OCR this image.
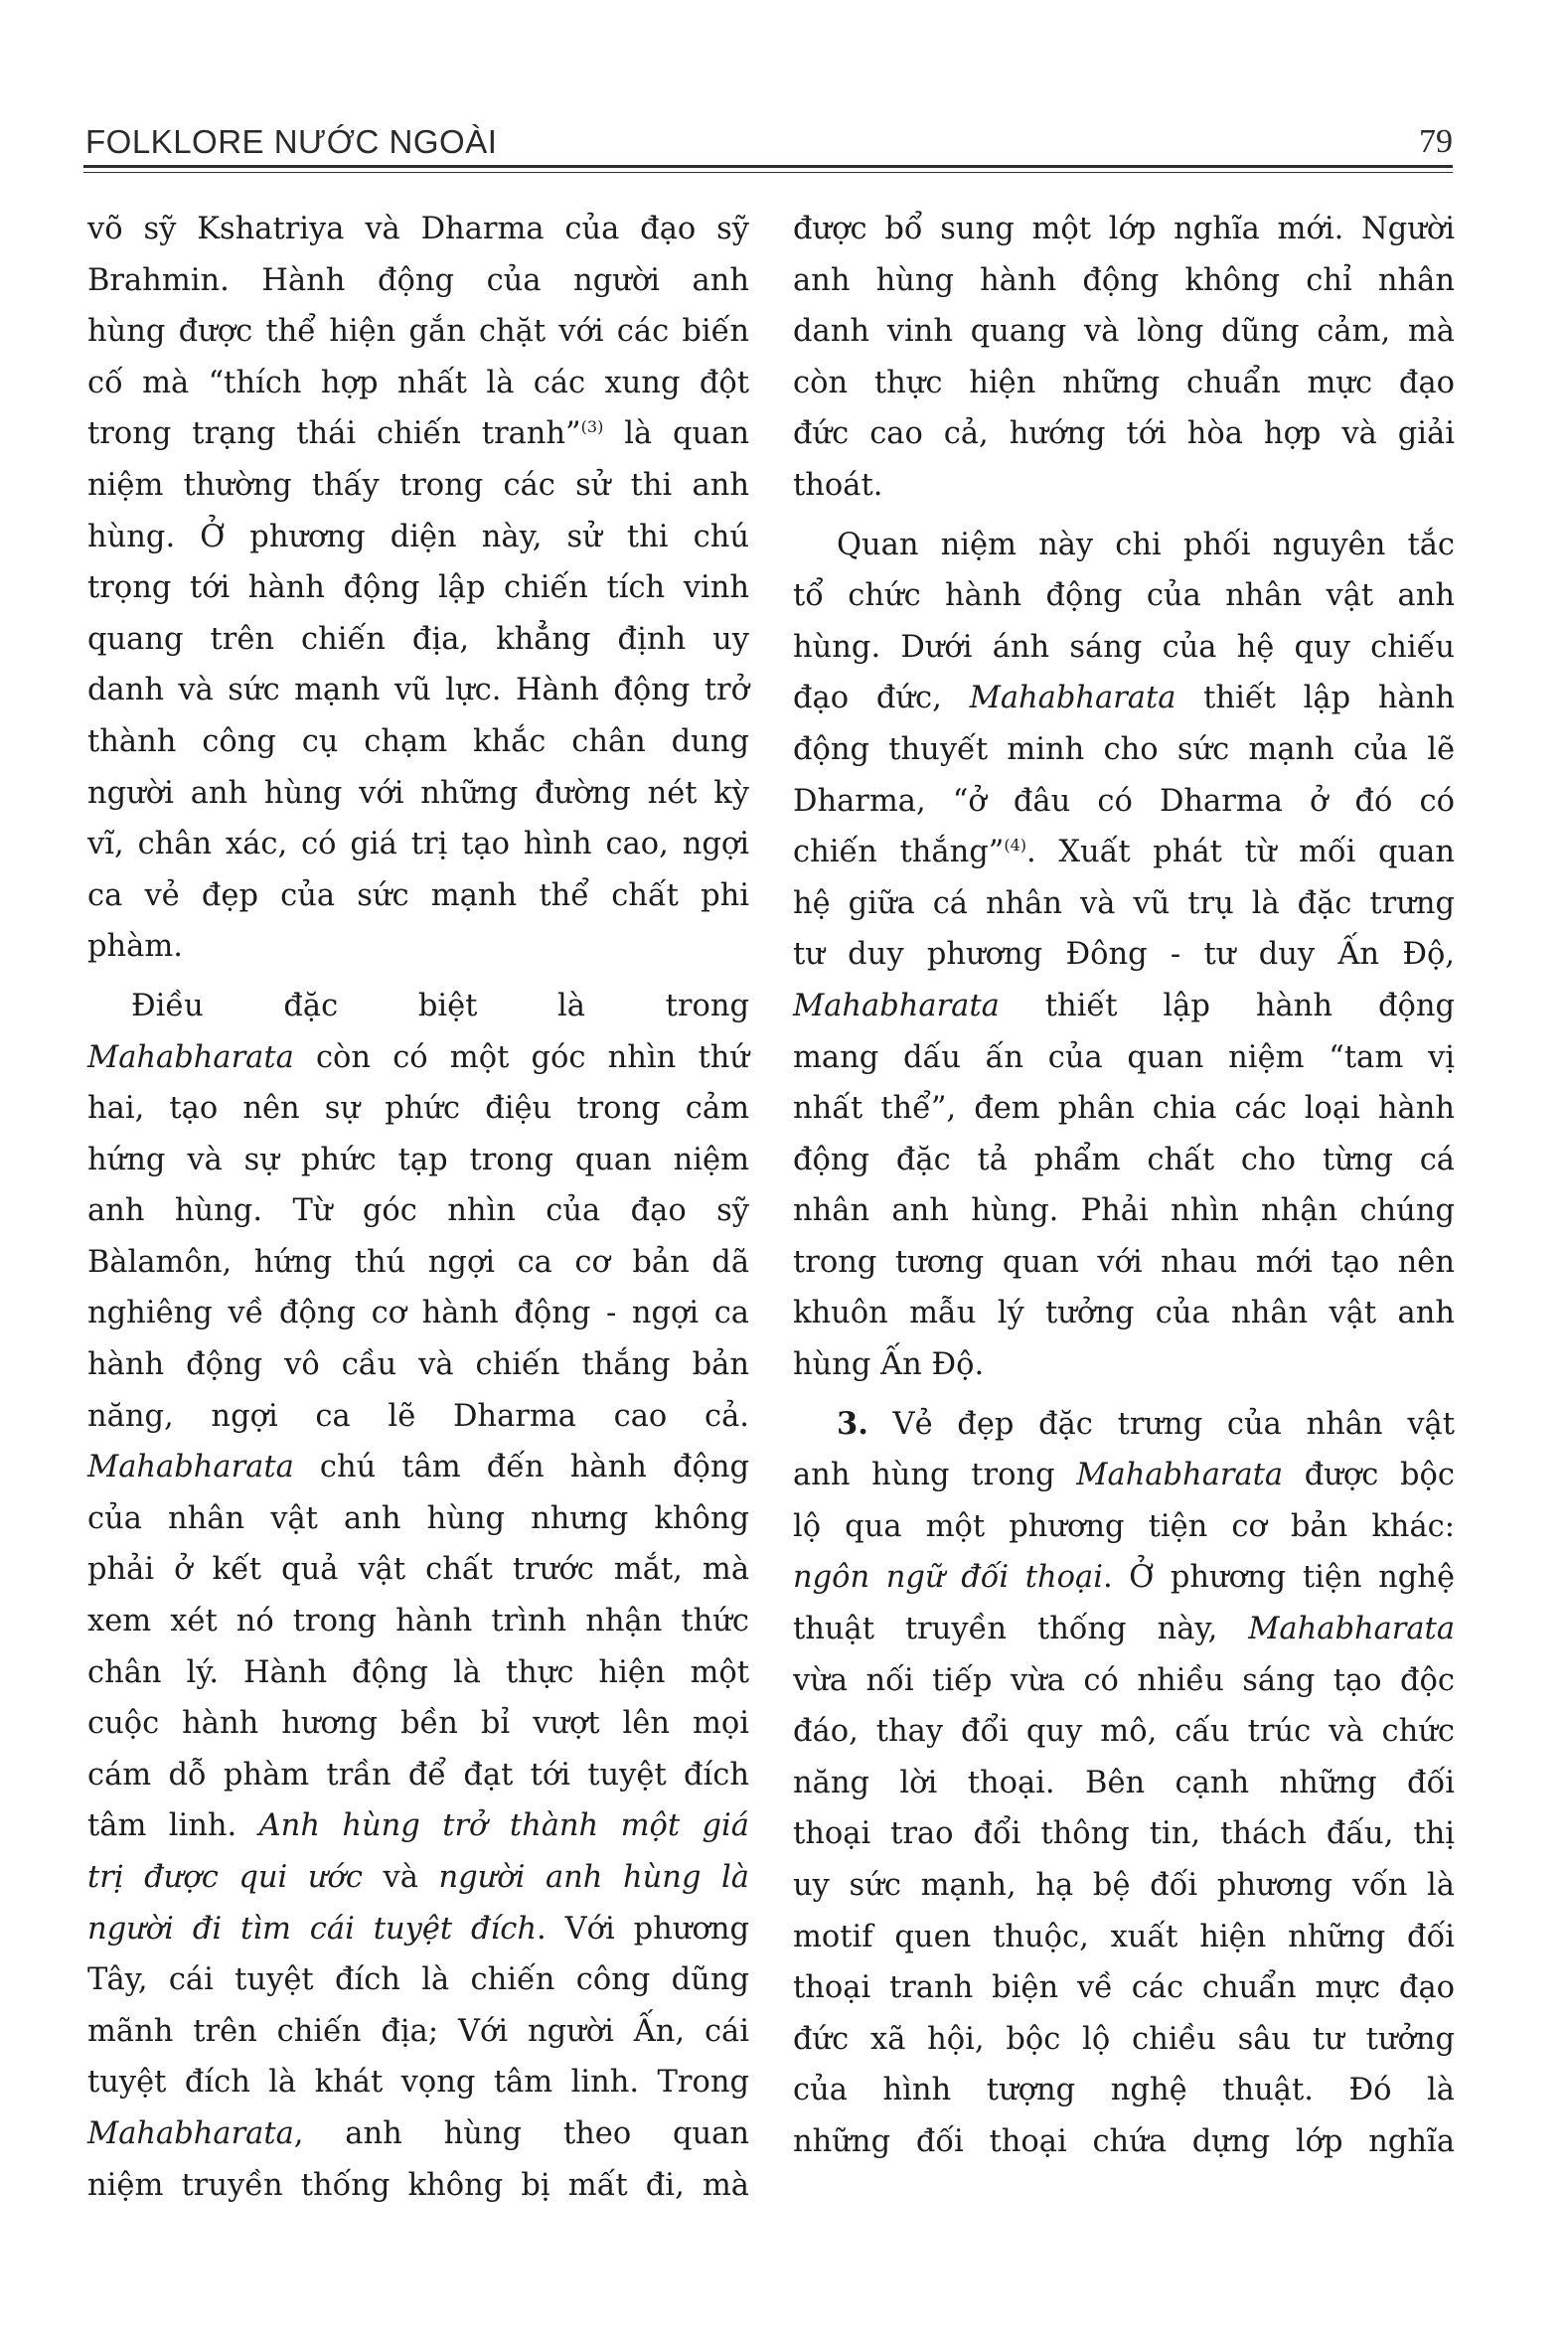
FOLKLORE NƯỚC NGOÀI	79
võ sỹ Kshatriya và Dharma của đạo sỹ
Brahmin. Hành động của người anh
hùng được thể hiện gắn chặt với các biến
cố mà “thích hợp nhất là các xung đột
trong trạng thái chiến tranh”$^{(3)}$ là quan
niệm thường thấy trong các sử thi anh
hùng. Ở phương diện này, sử thi chú
trọng tới hành động lập chiến tích vinh
quang trên chiến địa, khẳng định uy
danh và sức mạnh vũ lực. Hành động trở
thành công cụ chạm khắc chân dung
người anh hùng với những đường nét kỳ
vĩ, chân xác, có giá trị tạo hình cao, ngợi
ca vẻ đẹp của sức mạnh thể chất phi
phàm.
Điều đặc biệt là trong
Mahabharata còn có một góc nhìn thứ
hai, tạo nên sự phức điệu trong cảm
hứng và sự phức tạp trong quan niệm
anh hùng. Từ góc nhìn của đạo sỹ
Bàlamôn, hứng thú ngợi ca cơ bản dã
nghiêng về động cơ hành động - ngợi ca
hành động vô cầu và chiến thắng bản
năng, ngợi ca lẽ Dharma cao cả.
Mahabharata chú tâm đến hành động
của nhân vật anh hùng nhưng không
phải ở kết quả vật chất trước mắt, mà
xem xét nó trong hành trình nhận thức
chân lý. Hành động là thực hiện một
cuộc hành hương bền bỉ vượt lên mọi
cám dỗ phàm trần để đạt tới tuyệt đích
tâm linh. Anh hùng trở thành một giá
trị được qui ước và người anh hùng là
người đi tìm cái tuyệt đích. Với phương
Tây, cái tuyệt đích là chiến công dũng
mãnh trên chiến địa; Với người Ấn, cái
tuyệt đích là khát vọng tâm linh. Trong
Mahabharata, anh hùng theo quan
niệm truyền thống không bị mất đi, mà
được bổ sung một lớp nghĩa mới. Người
anh hùng hành động không chỉ nhân
danh vinh quang và lòng dũng cảm, mà
còn thực hiện những chuẩn mực đạo
đức cao cả, hướng tới hòa hợp và giải
thoát.
Quan niệm này chi phối nguyên tắc
tổ chức hành động của nhân vật anh
hùng. Dưới ánh sáng của hệ quy chiếu
đạo đức, Mahabharata thiết lập hành
động thuyết minh cho sức mạnh của lẽ
Dharma, “ở đâu có Dharma ở đó có
chiến thắng”$^{(4)}$. Xuất phát từ mối quan
hệ giữa cá nhân và vũ trụ là đặc trưng
tư duy phương Đông - tư duy Ấn Độ,
Mahabharata thiết lập hành động
mang dấu ấn của quan niệm “tam vị
nhất thể”, đem phân chia các loại hành
động đặc tả phẩm chất cho từng cá
nhân anh hùng. Phải nhìn nhận chúng
trong tương quan với nhau mới tạo nên
khuôn mẫu lý tưởng của nhân vật anh
hùng Ấn Độ.
3. Vẻ đẹp đặc trưng của nhân vật
anh hùng trong Mahabharata được bộc
lộ qua một phương tiện cơ bản khác:
ngôn ngữ đối thoại. Ở phương tiện nghệ
thuật truyền thống này, Mahabharata
vừa nối tiếp vừa có nhiều sáng tạo độc
đáo, thay đổi quy mô, cấu trúc và chức
năng lời thoại. Bên cạnh những đối
thoại trao đổi thông tin, thách đấu, thị
uy sức mạnh, hạ bệ đối phương vốn là
motif quen thuộc, xuất hiện những đối
thoại tranh biện về các chuẩn mực đạo
đức xã hội, bộc lộ chiều sâu tư tưởng
của hình tượng nghệ thuật. Đó là
những đối thoại chứa dựng lớp nghĩa
